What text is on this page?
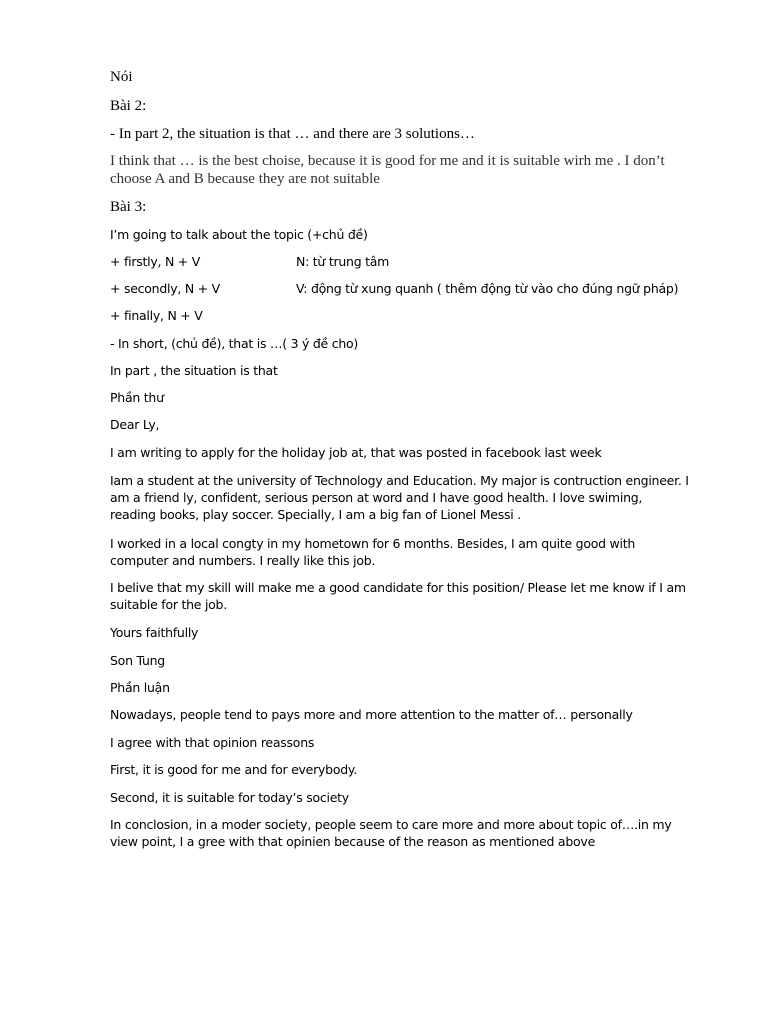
Nói
Bài 2:
- In part 2, the situation is that … and there are 3 solutions…
I think that … is the best choise, because it is good for me and it is suitable wirh me . I don’t choose A and B because they are not suitable
Bài 3:
I’m going to talk about the topic (+chủ đề)
+ firstly, N + V	N: từ trung tâm
+ secondly, N + V	V: động từ xung quanh ( thêm động từ vào cho đúng ngữ pháp)
+ finally, N + V
- In short, (chủ đề), that is …( 3 ý đề cho)
In part , the situation is that
Phần thư
Dear Ly,
I am writing to apply for the holiday job at, that was posted in facebook last week
Iam a student at the university of Technology and Education. My major is contruction engineer. I am a friend ly, confident, serious person at word and I have good health. I love swiming, reading books, play soccer. Specially, I am a big fan of Lionel Messi .
I worked in a local congty in my hometown for 6 months. Besides, I am quite good with computer and numbers. I really like this job.
I belive that my skill will make me a good candidate for this position/ Please let me know if I am suitable for the job.
Yours faithfully
Son Tung
Phần luận
Nowadays, people tend to pays more and more attention to the matter of… personally
I agree with that opinion reassons
First, it is good for me and for everybody.
Second, it is suitable for today’s society
In conclosion, in a moder society, people seem to care more and more about topic of….in my view point, I a gree with that opinien because of the reason as mentioned above
